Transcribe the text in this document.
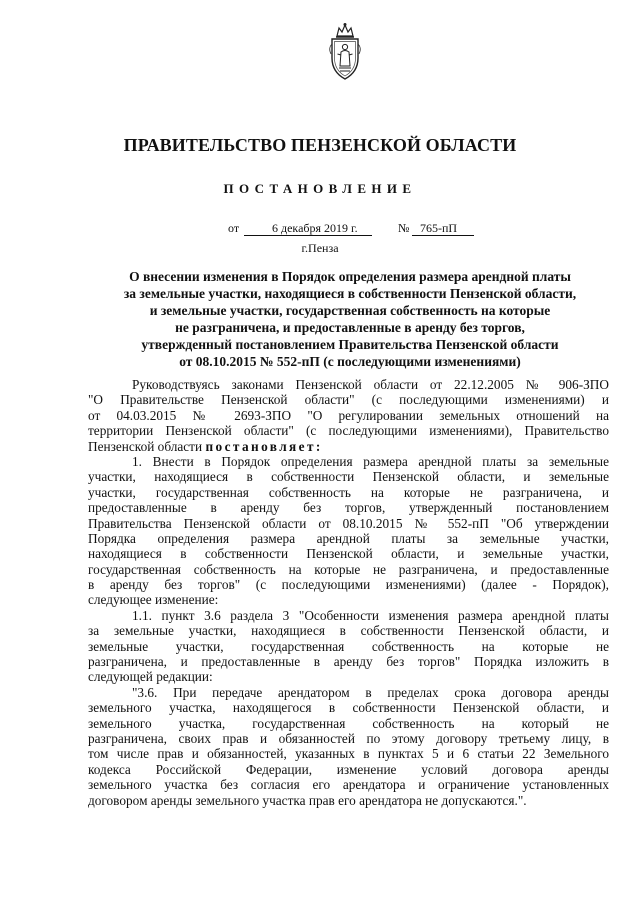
ПРАВИТЕЛЬСТВО ПЕНЗЕНСКОЙ ОБЛАСТИ
ПОСТАНОВЛЕНИЕ
от	6 декабря 2019 г.	№ 765-пП
г.Пенза
О внесении изменения в Порядок определения размера арендной платы
за земельные участки, находящиеся в собственности Пензенской области,
и земельные участки, государственная собственность на которые
не разграничена, и предоставленные в аренду без торгов,
утвержденный постановлением Правительства Пензенской области
от 08.10.2015 № 552-пП (с последующими изменениями)
Руководствуясь законами Пензенской области от 22.12.2005 № 906-ЗПО
"О Правительстве Пензенской области" (с последующими изменениями) и
от 04.03.2015 № 2693-ЗПО "О регулировании земельных отношений на
территории Пензенской области" (с последующими изменениями), Правительство
Пензенской области постановляет:
1. Внести в Порядок определения размера арендной платы за земельные
участки, находящиеся в собственности Пензенской области, и земельные
участки, государственная собственность на которые не разграничена, и
предоставленные в аренду без торгов, утвержденный постановлением
Правительства Пензенской области от 08.10.2015 № 552-пП "Об утверждении
Порядка определения размера арендной платы за земельные участки,
находящиеся в собственности Пензенской области, и земельные участки,
государственная собственность на которые не разграничена, и предоставленные
в аренду без торгов" (с последующими изменениями) (далее - Порядок),
следующее изменение:
1.1. пункт 3.6 раздела 3 "Особенности изменения размера арендной платы
за земельные участки, находящиеся в собственности Пензенской области, и
земельные участки, государственная собственность на которые не
разграничена, и предоставленные в аренду без торгов" Порядка изложить в
следующей редакции:
"3.6. При передаче арендатором в пределах срока договора аренды
земельного участка, находящегося в собственности Пензенской области, и
земельного участка, государственная собственность на который не
разграничена, своих прав и обязанностей по этому договору третьему лицу, в
том числе прав и обязанностей, указанных в пунктах 5 и 6 статьи 22 Земельного
кодекса Российской Федерации, изменение условий договора аренды
земельного участка без согласия его арендатора и ограничение установленных
договором аренды земельного участка прав его арендатора не допускаются.".
